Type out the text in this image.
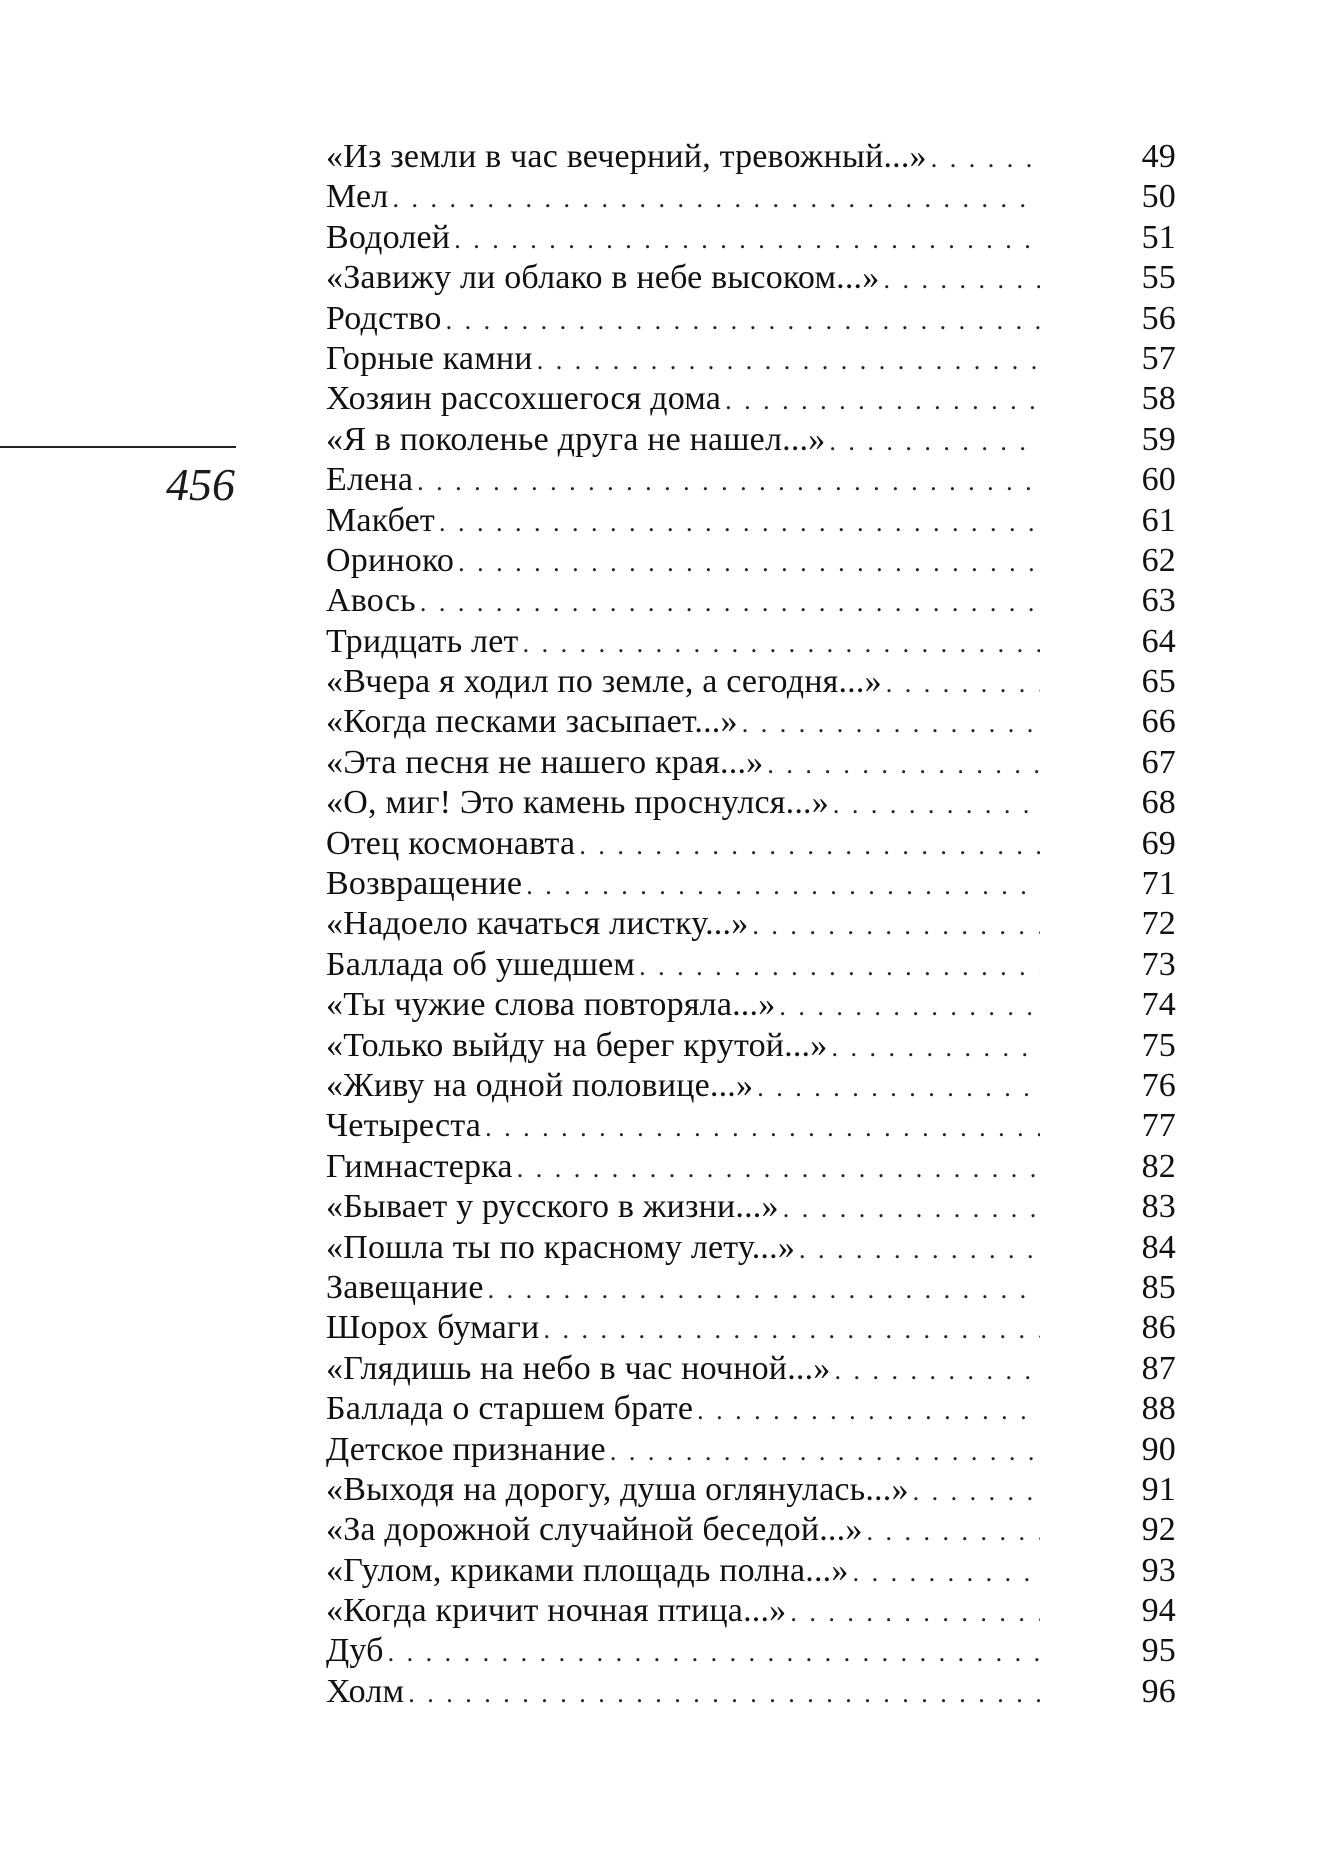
456
«Из земли в час вечерний, тревожный...» . . .	49
Мел . . .	50
Водолей . . .	51
«Завижу ли облако в небе высоком...» . . .	55
Родство . . .	56
Горные камни . . .	57
Хозяин рассохшегося дома . . .	58
«Я в поколенье друга не нашел...» . . .	59
Елена . . .	60
Макбет . . .	61
Ориноко . . .	62
Авось . . .	63
Тридцать лет . . .	64
«Вчера я ходил по земле, а сегодня...» . . .	65
«Когда песками засыпает...» . . .	66
«Эта песня не нашего края...» . . .	67
«О, миг! Это камень проснулся...» . . .	68
Отец космонавта . . .	69
Возвращение . . .	71
«Надоело качаться листку...» . . .	72
Баллада об ушедшем . . .	73
«Ты чужие слова повторяла...» . . .	74
«Только выйду на берег крутой...» . . .	75
«Живу на одной половице...» . . .	76
Четыреста . . .	77
Гимнастерка . . .	82
«Бывает у русского в жизни...» . . .	83
«Пошла ты по красному лету...» . . .	84
Завещание . . .	85
Шорох бумаги . . .	86
«Глядишь на небо в час ночной...» . . .	87
Баллада о старшем брате . . .	88
Детское признание . . .	90
«Выходя на дорогу, душа оглянулась...» . . .	91
«За дорожной случайной беседой...» . . .	92
«Гулом, криками площадь полна...» . . .	93
«Когда кричит ночная птица...» . . .	94
Дуб . . .	95
Холм . . .	96
